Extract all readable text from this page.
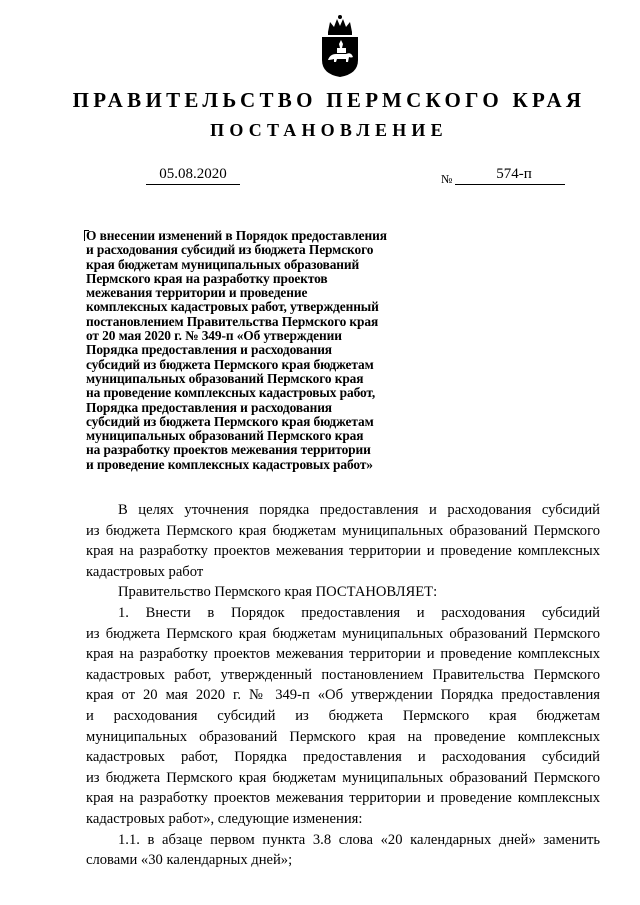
ПРАВИТЕЛЬСТВО ПЕРМСКОГО КРАЯ
ПОСТАНОВЛЕНИЕ
05.08.2020	№	574-п
О внесении изменений в Порядок предоставления
и расходования субсидий из бюджета Пермского
края бюджетам муниципальных образований
Пермского края на разработку проектов
межевания территории и проведение
комплексных кадастровых работ, утвержденный
постановлением Правительства Пермского края
от 20 мая 2020 г. № 349-п «Об утверждении
Порядка предоставления и расходования
субсидий из бюджета Пермского края бюджетам
муниципальных образований Пермского края
на проведение комплексных кадастровых работ,
Порядка предоставления и расходования
субсидий из бюджета Пермского края бюджетам
муниципальных образований Пермского края
на разработку проектов межевания территории
и проведение комплексных кадастровых работ»

В целях уточнения порядка предоставления и расходования субсидий
из бюджета Пермского края бюджетам муниципальных образований Пермского
края на разработку проектов межевания территории и проведение комплексных
кадастровых работ

Правительство Пермского края ПОСТАНОВЛЯЕТ:

1. Внести в Порядок предоставления и расходования субсидий
из бюджета Пермского края бюджетам муниципальных образований Пермского
края на разработку проектов межевания территории и проведение комплексных
кадастровых работ, утвержденный постановлением Правительства Пермского
края от 20 мая 2020 г. № 349-п «Об утверждении Порядка предоставления
и расходования субсидий из бюджета Пермского края бюджетам
муниципальных образований Пермского края на проведение комплексных
кадастровых работ, Порядка предоставления и расходования субсидий
из бюджета Пермского края бюджетам муниципальных образований Пермского
края на разработку проектов межевания территории и проведение комплексных
кадастровых работ», следующие изменения:

1.1. в абзаце первом пункта 3.8 слова «20 календарных дней» заменить
словами «30 календарных дней»;
